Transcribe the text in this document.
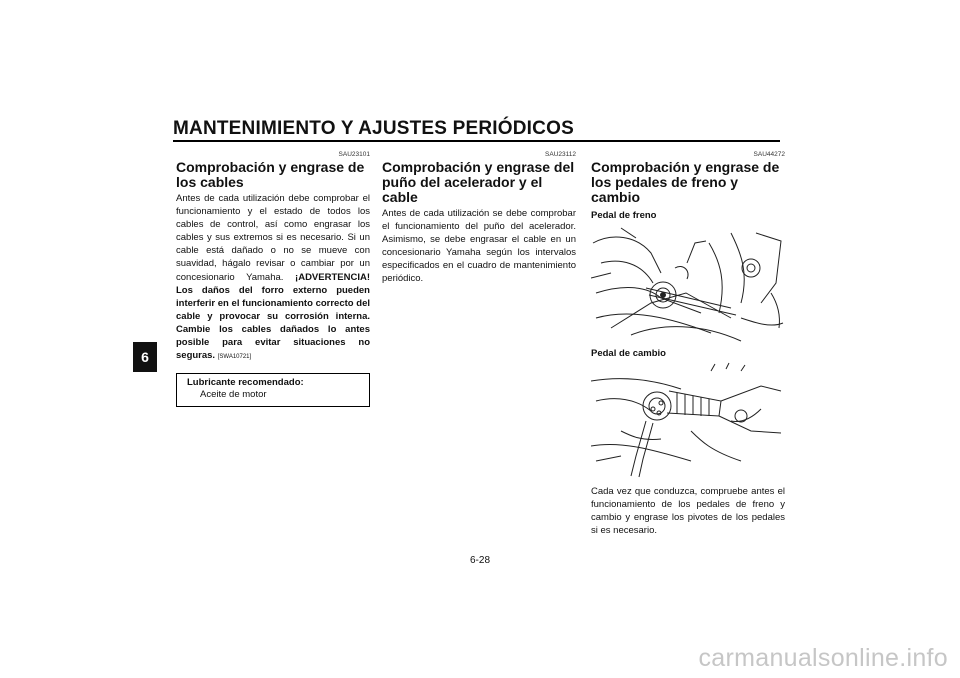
MANTENIMIENTO Y AJUSTES PERIÓDICOS
6
SAU23101
Comprobación y engrase de los cables

Antes de cada utilización debe comprobar el funcionamiento y el estado de todos los cables de control, así como engrasar los cables y sus extremos si es necesario. Si un cable está dañado o no se mueve con suavidad, hágalo revisar o cambiar por un concesionario Yamaha. ¡ADVERTENCIA! Los daños del forro externo pueden interferir en el funcionamiento correcto del cable y provocar su corrosión interna. Cambie los cables dañados lo antes posible para evitar situaciones no seguras. [SWA10721]

Lubricante recomendado:
Aceite de motor
SAU23112
Comprobación y engrase del puño del acelerador y el cable

Antes de cada utilización se debe comprobar el funcionamiento del puño del acelerador. Asimismo, se debe engrasar el cable en un concesionario Yamaha según los intervalos especificados en el cuadro de mantenimiento periódico.

SAU44272
Comprobación y engrase de los pedales de freno y cambio
Pedal de freno
Pedal de cambio

Cada vez que conduzca, compruebe antes el funcionamiento de los pedales de freno y cambio y engrase los pivotes de los pedales si es necesario.

6-28
carmanualsonline.info
